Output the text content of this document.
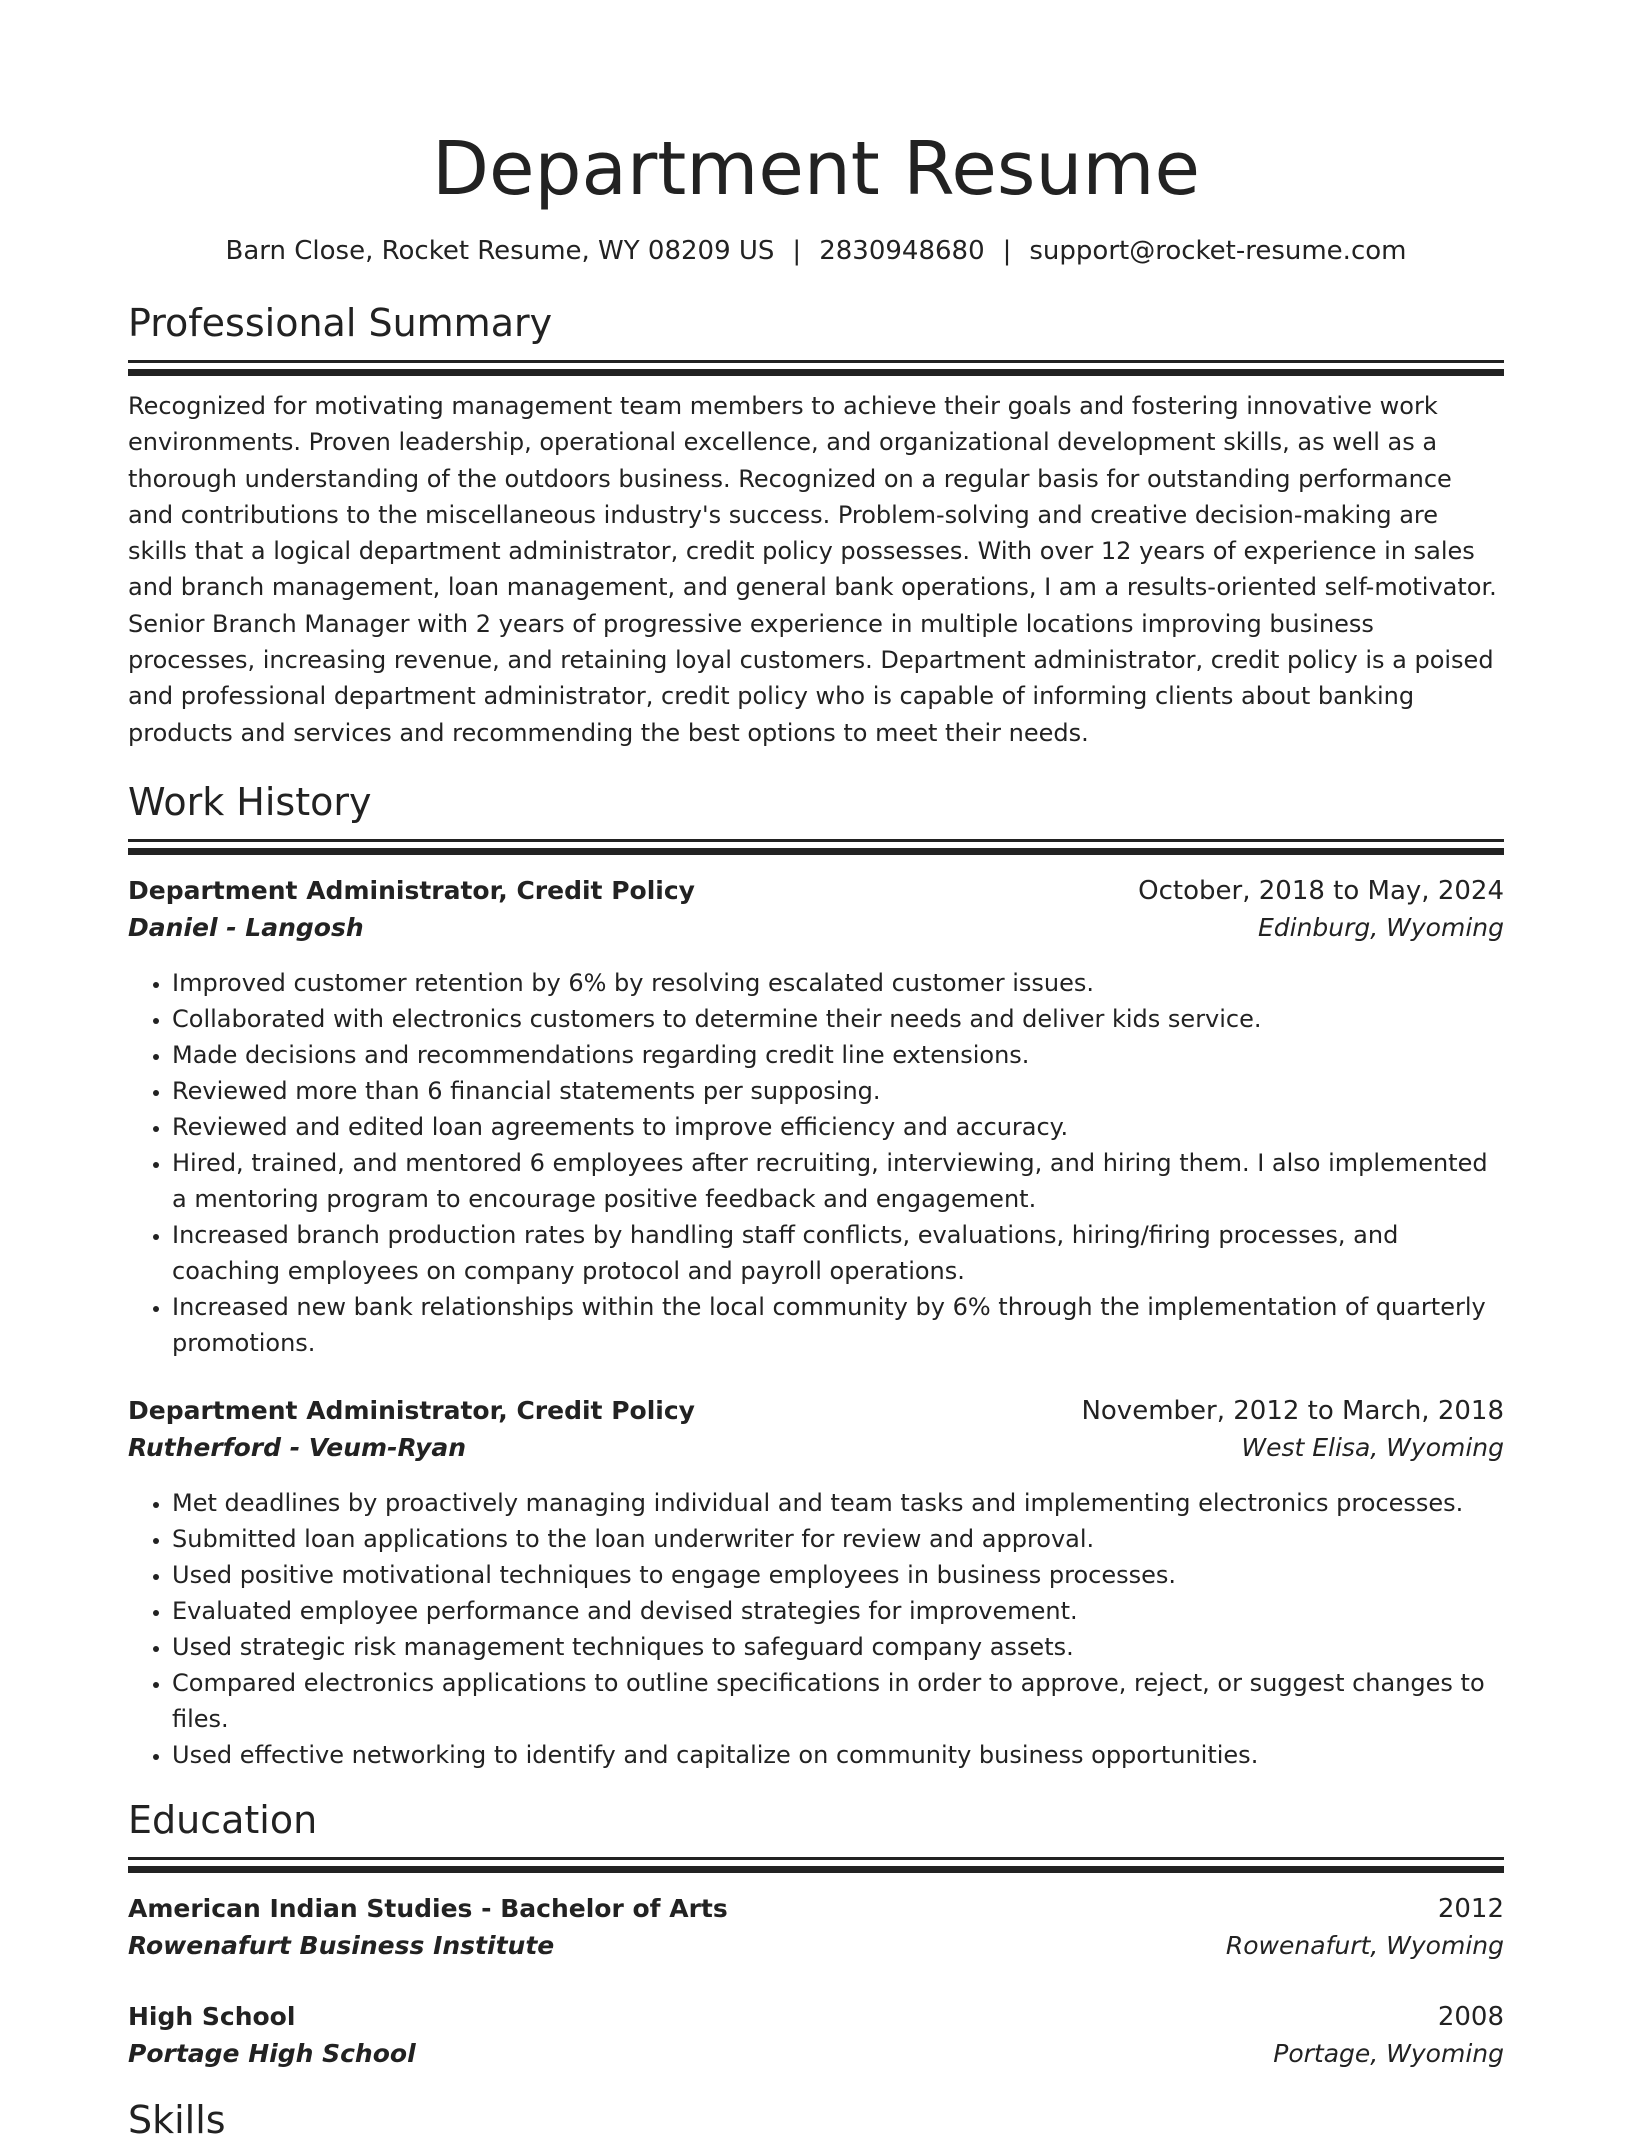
Department Resume
Barn Close, Rocket Resume, WY 08209 US | 2830948680 | support@rocket-resume.com
Professional Summary

Recognized for motivating management team members to achieve their goals and fostering innovative work environments. Proven leadership, operational excellence, and organizational development skills, as well as a thorough understanding of the outdoors business. Recognized on a regular basis for outstanding performance and contributions to the miscellaneous industry's success. Problem-solving and creative decision-making are skills that a logical department administrator, credit policy possesses. With over 12 years of experience in sales and branch management, loan management, and general bank operations, I am a results-oriented self-motivator. Senior Branch Manager with 2 years of progressive experience in multiple locations improving business processes, increasing revenue, and retaining loyal customers. Department administrator, credit policy is a poised and professional department administrator, credit policy who is capable of informing clients about banking products and services and recommending the best options to meet their needs.

Work History
Department Administrator, Credit Policy	October, 2018 to May, 2024
Daniel - Langosh	Edinburg, Wyoming
• Improved customer retention by 6% by resolving escalated customer issues.
• Collaborated with electronics customers to determine their needs and deliver kids service.
• Made decisions and recommendations regarding credit line extensions.
• Reviewed more than 6 financial statements per supposing.
• Reviewed and edited loan agreements to improve efficiency and accuracy.
• Hired, trained, and mentored 6 employees after recruiting, interviewing, and hiring them. I also implemented a mentoring program to encourage positive feedback and engagement.
• Increased branch production rates by handling staff conflicts, evaluations, hiring/firing processes, and coaching employees on company protocol and payroll operations.
• Increased new bank relationships within the local community by 6% through the implementation of quarterly promotions.
Department Administrator, Credit Policy	November, 2012 to March, 2018
Rutherford - Veum-Ryan	West Elisa, Wyoming
• Met deadlines by proactively managing individual and team tasks and implementing electronics processes.
• Submitted loan applications to the loan underwriter for review and approval.
• Used positive motivational techniques to engage employees in business processes.
• Evaluated employee performance and devised strategies for improvement.
• Used strategic risk management techniques to safeguard company assets.
• Compared electronics applications to outline specifications in order to approve, reject, or suggest changes to files.
• Used effective networking to identify and capitalize on community business opportunities.
Education
American Indian Studies - Bachelor of Arts	2012
Rowenafurt Business Institute	Rowenafurt, Wyoming
High School	2008
Portage High School	Portage, Wyoming
Skills
